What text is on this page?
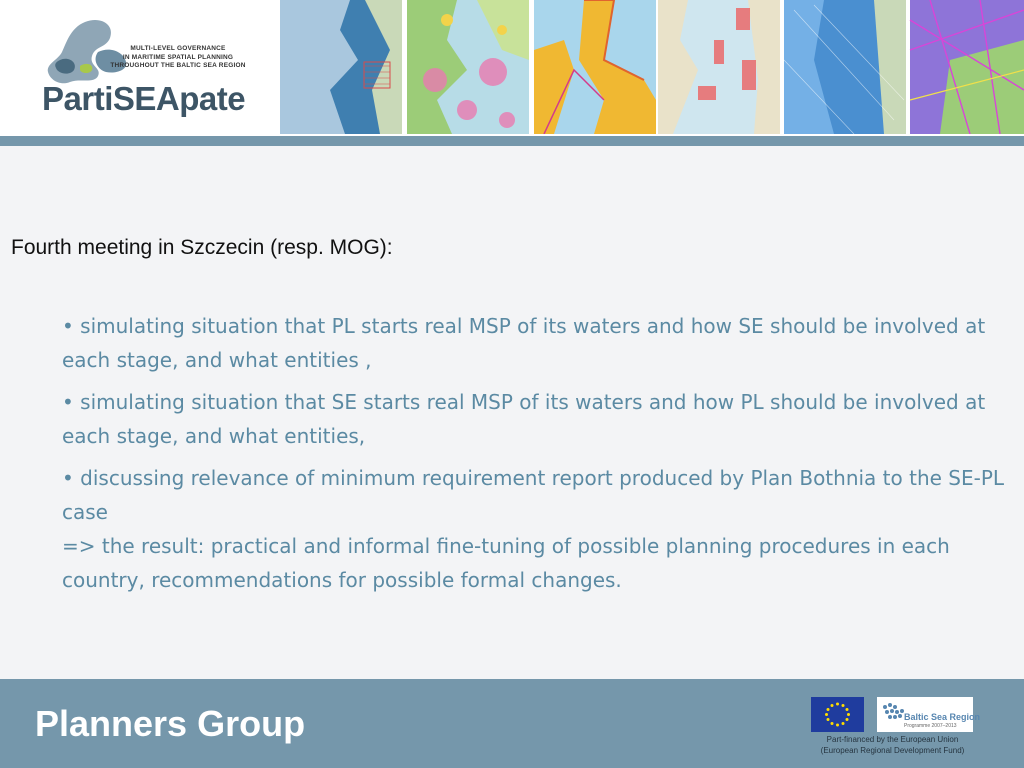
MULTI-LEVEL GOVERNANCE
IN MARITIME SPATIAL PLANNING
THROUGHOUT THE BALTIC SEA REGION
PartiSEApate
Fourth meeting in Szczecin (resp. MOG):
• simulating situation that PL starts real MSP of its waters and how SE should be involved at each stage, and what entities ,
• simulating situation that SE starts real MSP of its waters and how PL should be involved at each stage, and what entities,
• discussing relevance of minimum requirement report produced by Plan Bothnia to the SE-PL case
=> the result: practical and informal fine-tuning of possible planning procedures in each country, recommendations for possible formal changes.
Planners Group	Baltic Sea Region
Programme 2007–2013
Part-financed by the European Union
(European Regional Development Fund)
